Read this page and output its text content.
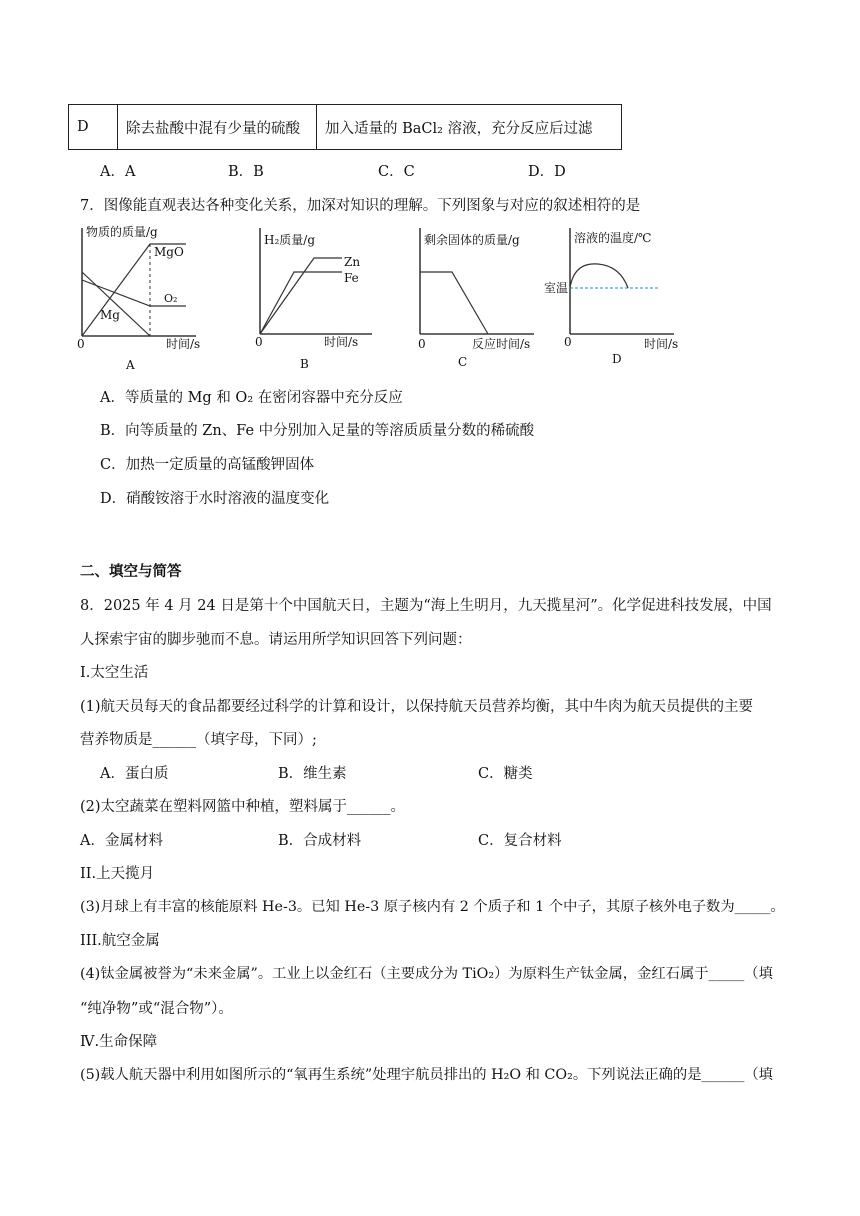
D	除去盐酸中混有少量的硫酸	加入适量的 BaCl₂ 溶液，充分反应后过滤
A．A	B．B	C．C	D．D
7．图像能直观表达各种变化关系，加深对知识的理解。下列图象与对应的叙述相符的是
物质的质量/g
时间/s
0
MgO
O₂
Mg
A
H₂质量/g
时间/s
0
Zn
Fe
B
剩余固体的质量/g
反应时间/s
0
C
溶液的温度/℃
时间/s
0
室温
D
A．等质量的 Mg 和 O₂ 在密闭容器中充分反应
B．向等质量的 Zn、Fe 中分别加入足量的等溶质质量分数的稀硫酸
C．加热一定质量的高锰酸钾固体
D．硝酸铵溶于水时溶液的温度变化
二、填空与简答
8．2025 年 4 月 24 日是第十个中国航天日，主题为“海上生明月，九天揽星河”。化学促进科技发展，中国
人探索宇宙的脚步驰而不息。请运用所学知识回答下列问题：
I.太空生活
(1)航天员每天的食品都要经过科学的计算和设计，以保持航天员营养均衡，其中牛肉为航天员提供的主要
营养物质是______（填字母，下同）;
A．蛋白质	B．维生素	C．糖类
(2)太空蔬菜在塑料网篮中种植，塑料属于______。
A．金属材料	B．合成材料	C．复合材料
II.上天揽月
(3)月球上有丰富的核能原料 He-3。已知 He-3 原子核内有 2 个质子和 1 个中子，其原子核外电子数为_____。
III.航空金属
(4)钛金属被誉为“未来金属”。工业上以金红石（主要成分为 TiO₂）为原料生产钛金属，金红石属于_____（填
“纯净物”或“混合物”）。
Ⅳ.生命保障
(5)载人航天器中利用如图所示的“氧再生系统”处理宇航员排出的 H₂O 和 CO₂。下列说法正确的是______（填
